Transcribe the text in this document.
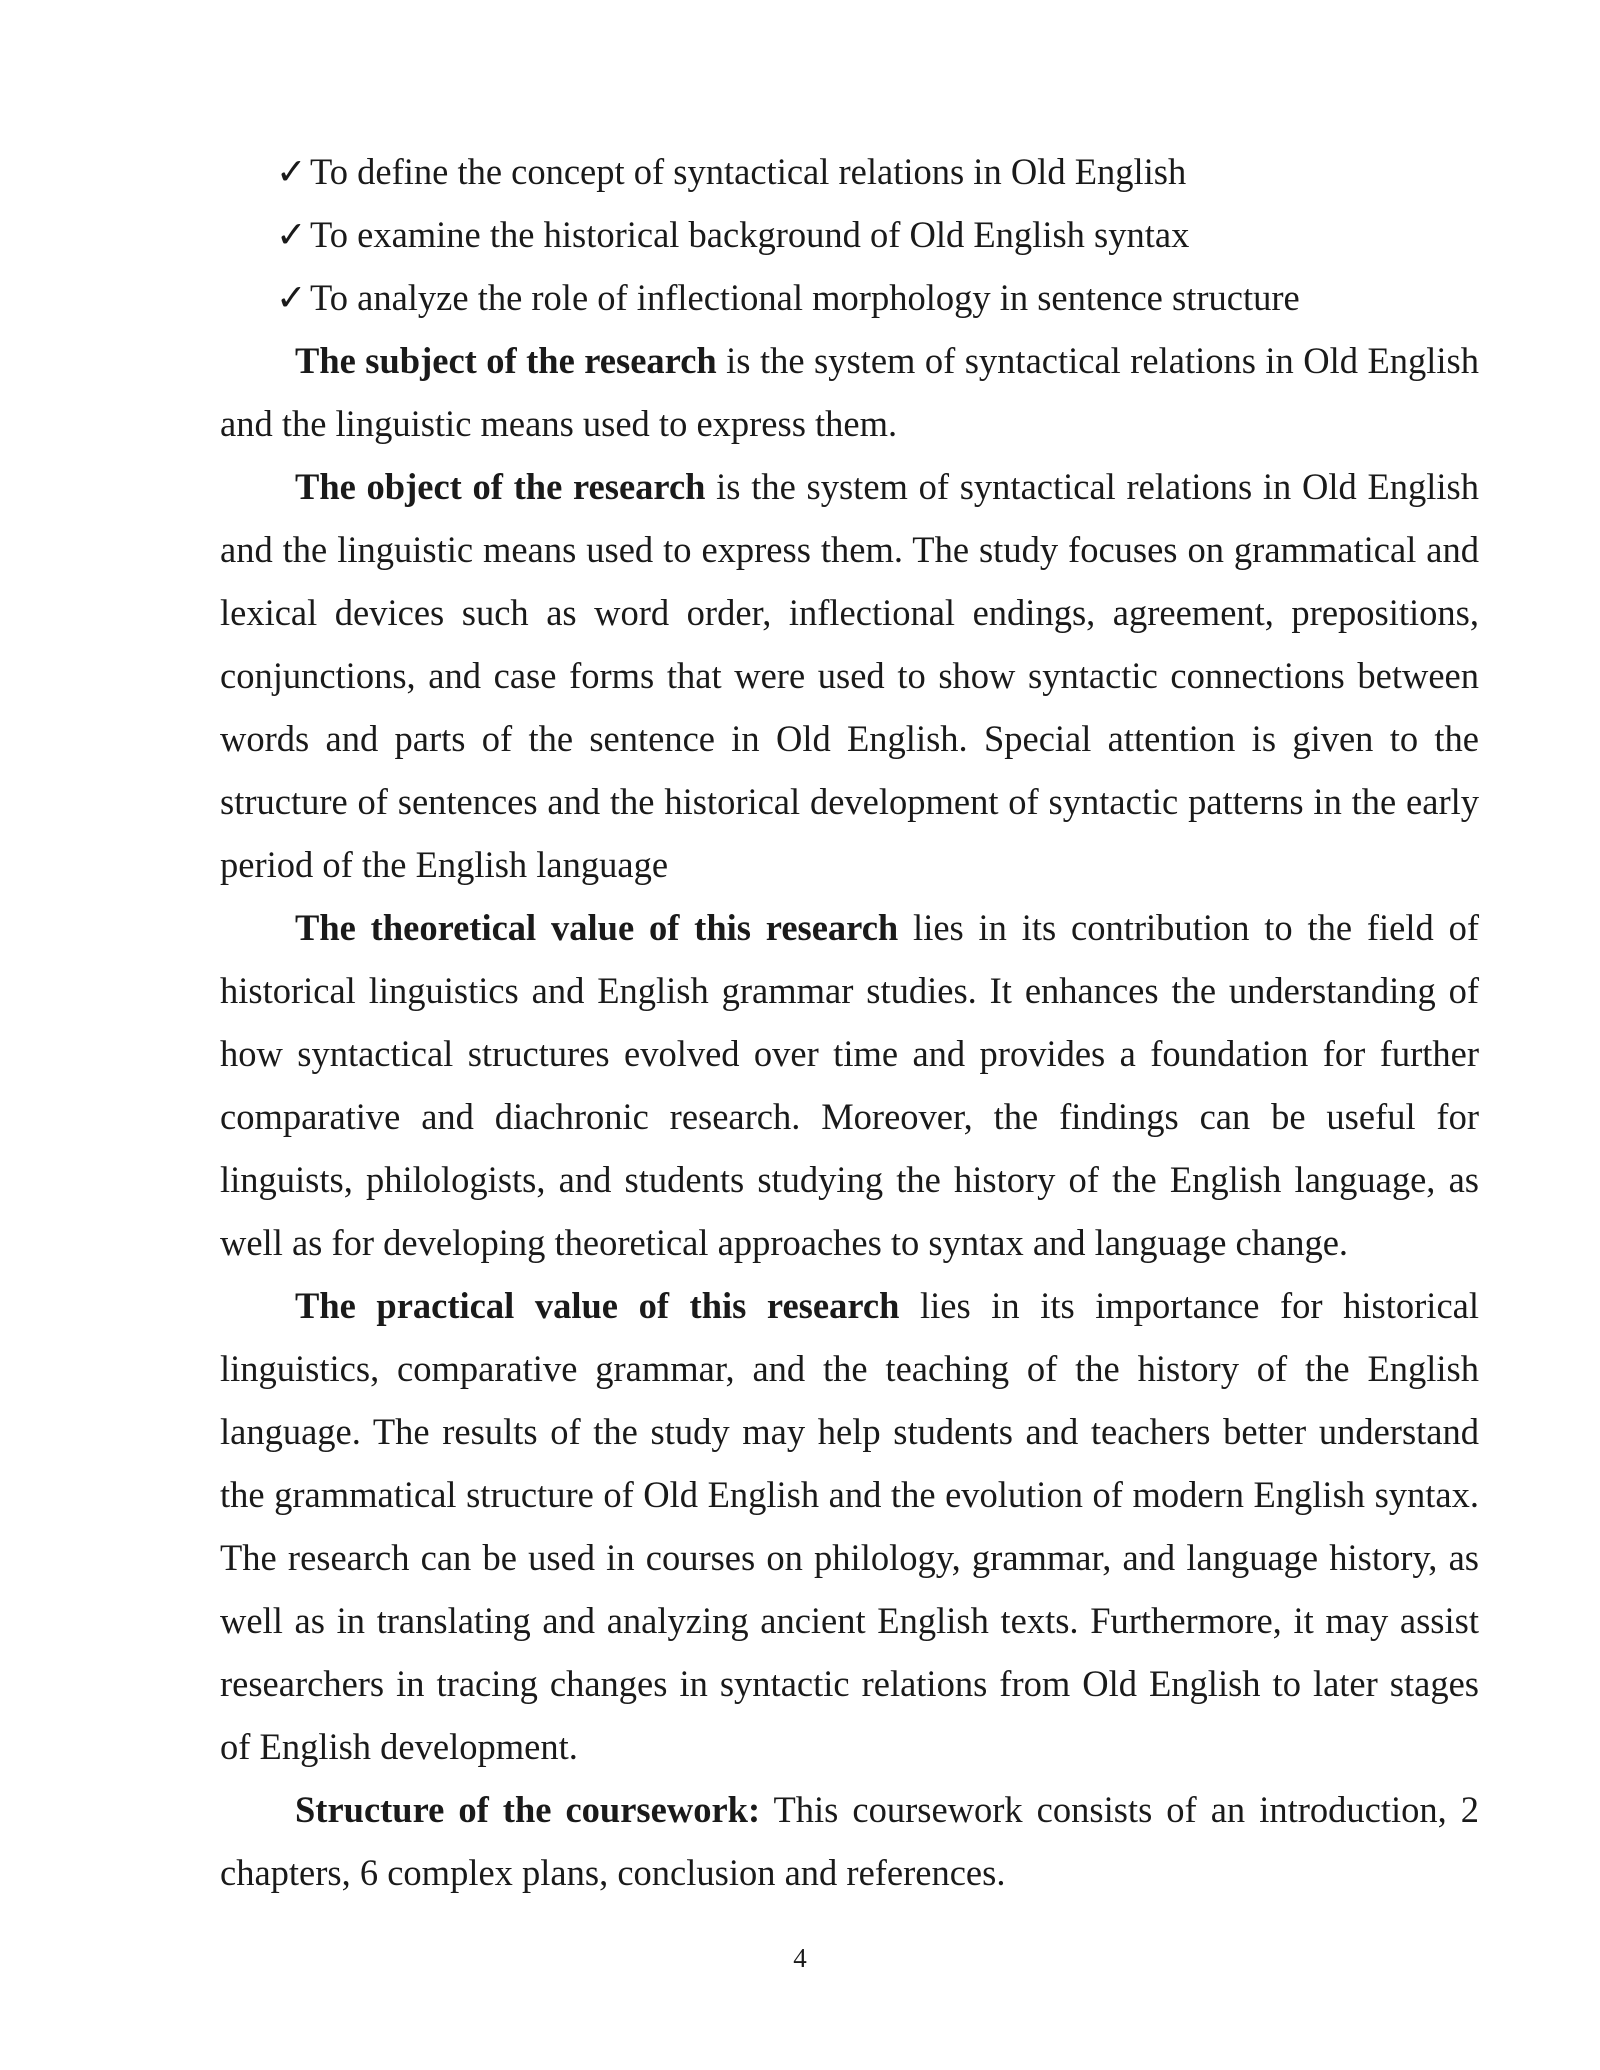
✓To define the concept of syntactical relations in Old English
✓To examine the historical background of Old English syntax
✓To analyze the role of inflectional morphology in sentence structure

The subject of the research is the system of syntactical relations in Old English and the linguistic means used to express them.

The object of the research is the system of syntactical relations in Old English and the linguistic means used to express them. The study focuses on grammatical and lexical devices such as word order, inflectional endings, agreement, prepositions, conjunctions, and case forms that were used to show syntactic connections between words and parts of the sentence in Old English. Special attention is given to the structure of sentences and the historical development of syntactic patterns in the early period of the English language

The theoretical value of this research lies in its contribution to the field of historical linguistics and English grammar studies. It enhances the understanding of how syntactical structures evolved over time and provides a foundation for further comparative and diachronic research. Moreover, the findings can be useful for linguists, philologists, and students studying the history of the English language, as well as for developing theoretical approaches to syntax and language change.

The practical value of this research lies in its importance for historical linguistics, comparative grammar, and the teaching of the history of the English language. The results of the study may help students and teachers better understand the grammatical structure of Old English and the evolution of modern English syntax. The research can be used in courses on philology, grammar, and language history, as well as in translating and analyzing ancient English texts. Furthermore, it may assist researchers in tracing changes in syntactic relations from Old English to later stages of English development.

Structure of the coursework: This coursework consists of an introduction, 2 chapters, 6 complex plans, conclusion and references.

4
